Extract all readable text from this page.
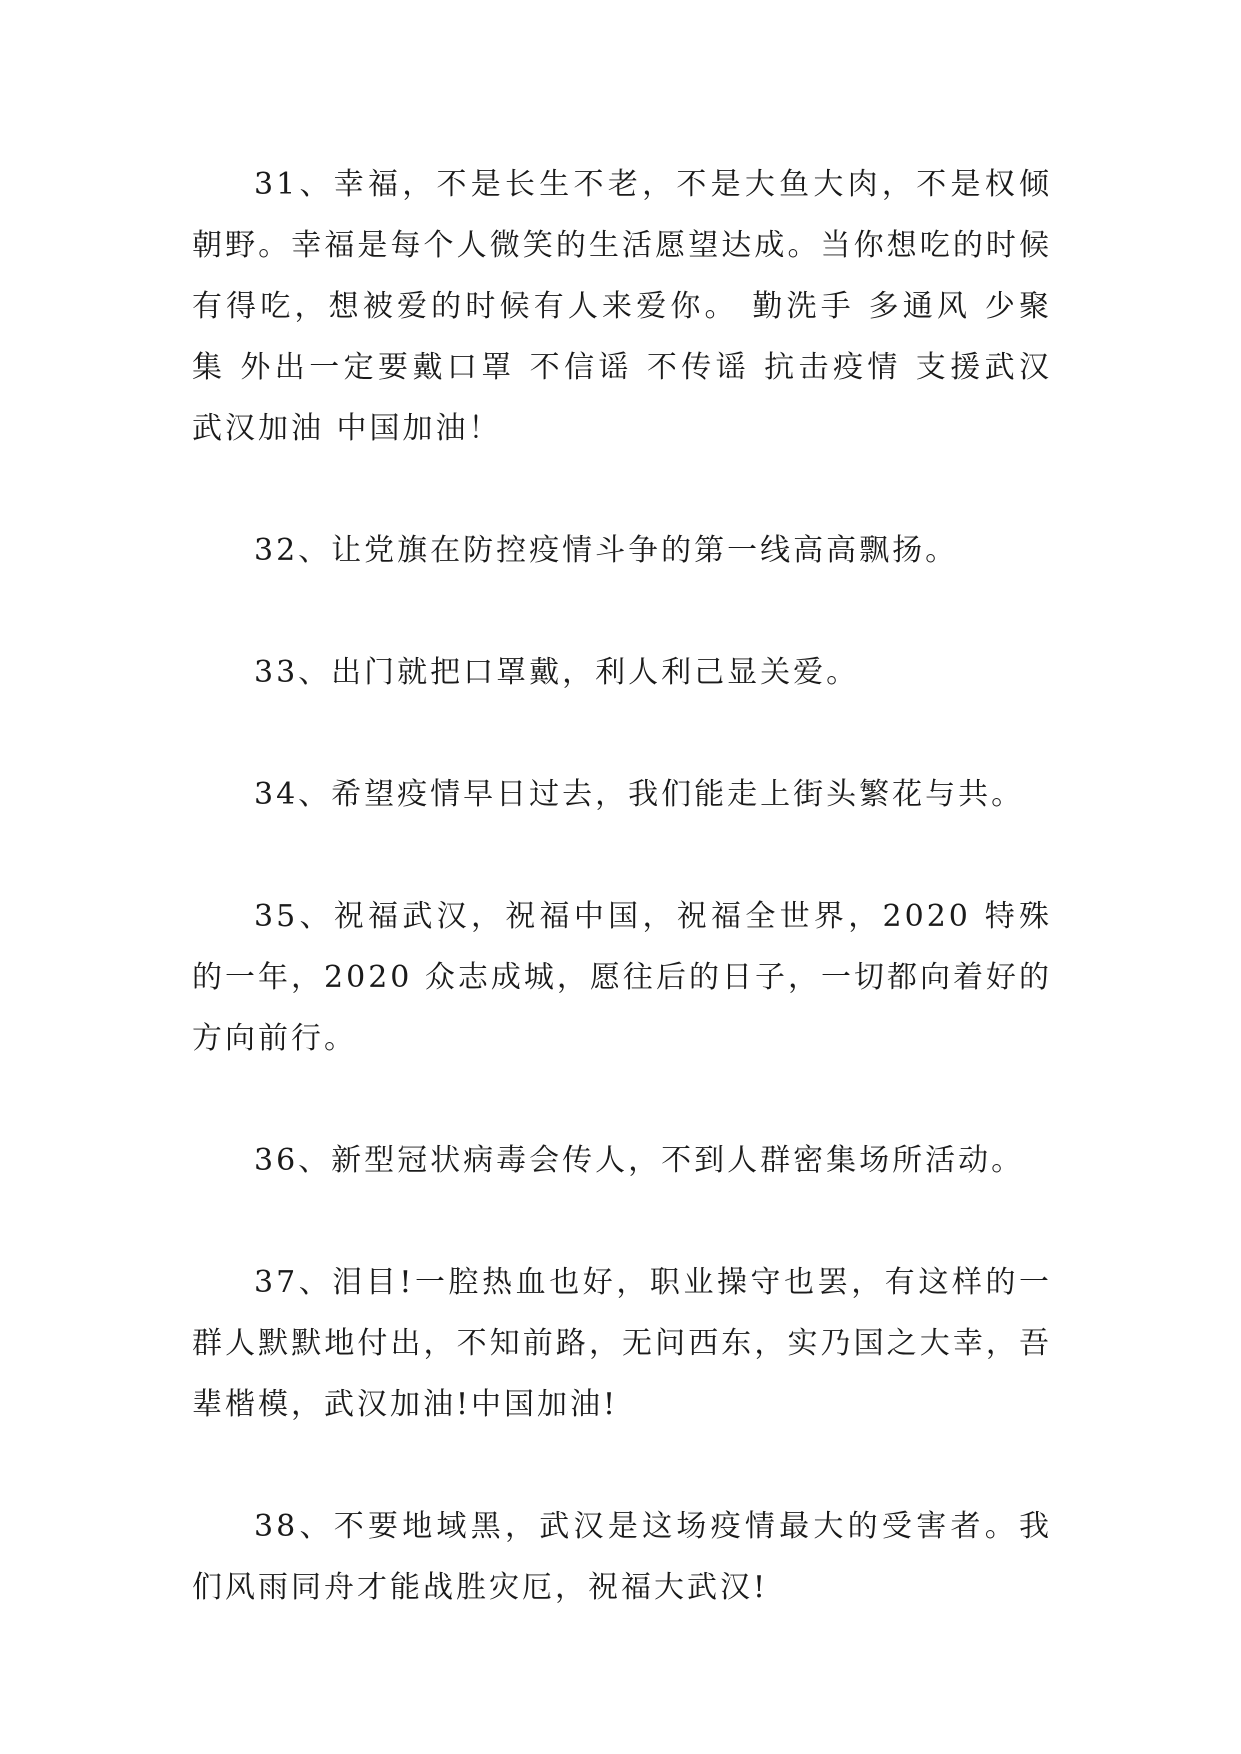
31、幸福，不是长生不老，不是大鱼大肉，不是权倾朝野。幸福是每个人微笑的生活愿望达成。当你想吃的时候有得吃，想被爱的时候有人来爱你。 勤洗手 多通风 少聚集 外出一定要戴口罩 不信谣 不传谣 抗击疫情 支援武汉 武汉加油 中国加油！

32、让党旗在防控疫情斗争的第一线高高飘扬。

33、出门就把口罩戴，利人利己显关爱。

34、希望疫情早日过去，我们能走上街头繁花与共。

35、祝福武汉，祝福中国，祝福全世界，2020 特殊的一年，2020 众志成城，愿往后的日子，一切都向着好的方向前行。

36、新型冠状病毒会传人，不到人群密集场所活动。

37、泪目!一腔热血也好，职业操守也罢，有这样的一群人默默地付出，不知前路，无问西东，实乃国之大幸，吾辈楷模，武汉加油!中国加油!

38、不要地域黑，武汉是这场疫情最大的受害者。我们风雨同舟才能战胜灾厄，祝福大武汉!
